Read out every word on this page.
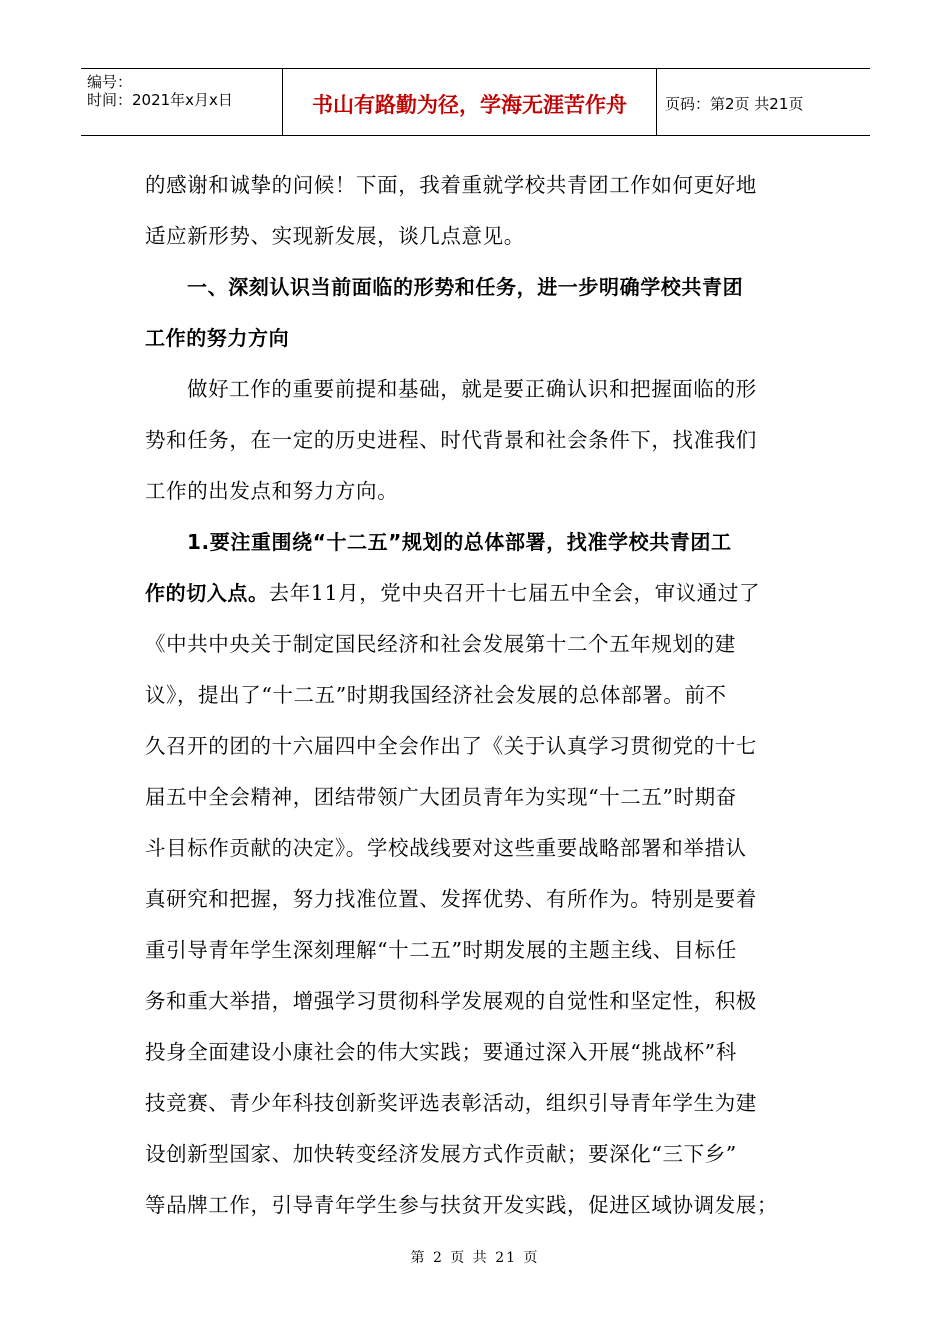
编号：
时间：2021年x月x日	书山有路勤为径，学海无涯苦作舟	页码：第2页 共21页
的感谢和诚挚的问候！下面，我着重就学校共青团工作如何更好地
适应新形势、实现新发展，谈几点意见。
一、深刻认识当前面临的形势和任务，进一步明确学校共青团
工作的努力方向
做好工作的重要前提和基础，就是要正确认识和把握面临的形
势和任务，在一定的历史进程、时代背景和社会条件下，找准我们
工作的出发点和努力方向。
1.要注重围绕“十二五”规划的总体部署，找准学校共青团工
作的切入点。去年11月，党中央召开十七届五中全会，审议通过了
《中共中央关于制定国民经济和社会发展第十二个五年规划的建
议》，提出了“十二五”时期我国经济社会发展的总体部署。前不
久召开的团的十六届四中全会作出了《关于认真学习贯彻党的十七
届五中全会精神，团结带领广大团员青年为实现“十二五”时期奋
斗目标作贡献的决定》。学校战线要对这些重要战略部署和举措认
真研究和把握，努力找准位置、发挥优势、有所作为。特别是要着
重引导青年学生深刻理解“十二五”时期发展的主题主线、目标任
务和重大举措，增强学习贯彻科学发展观的自觉性和坚定性，积极
投身全面建设小康社会的伟大实践；要通过深入开展“挑战杯”科
技竞赛、青少年科技创新奖评选表彰活动，组织引导青年学生为建
设创新型国家、加快转变经济发展方式作贡献；要深化“三下乡”
等品牌工作，引导青年学生参与扶贫开发实践，促进区域协调发展；
第 2 页 共 21 页
